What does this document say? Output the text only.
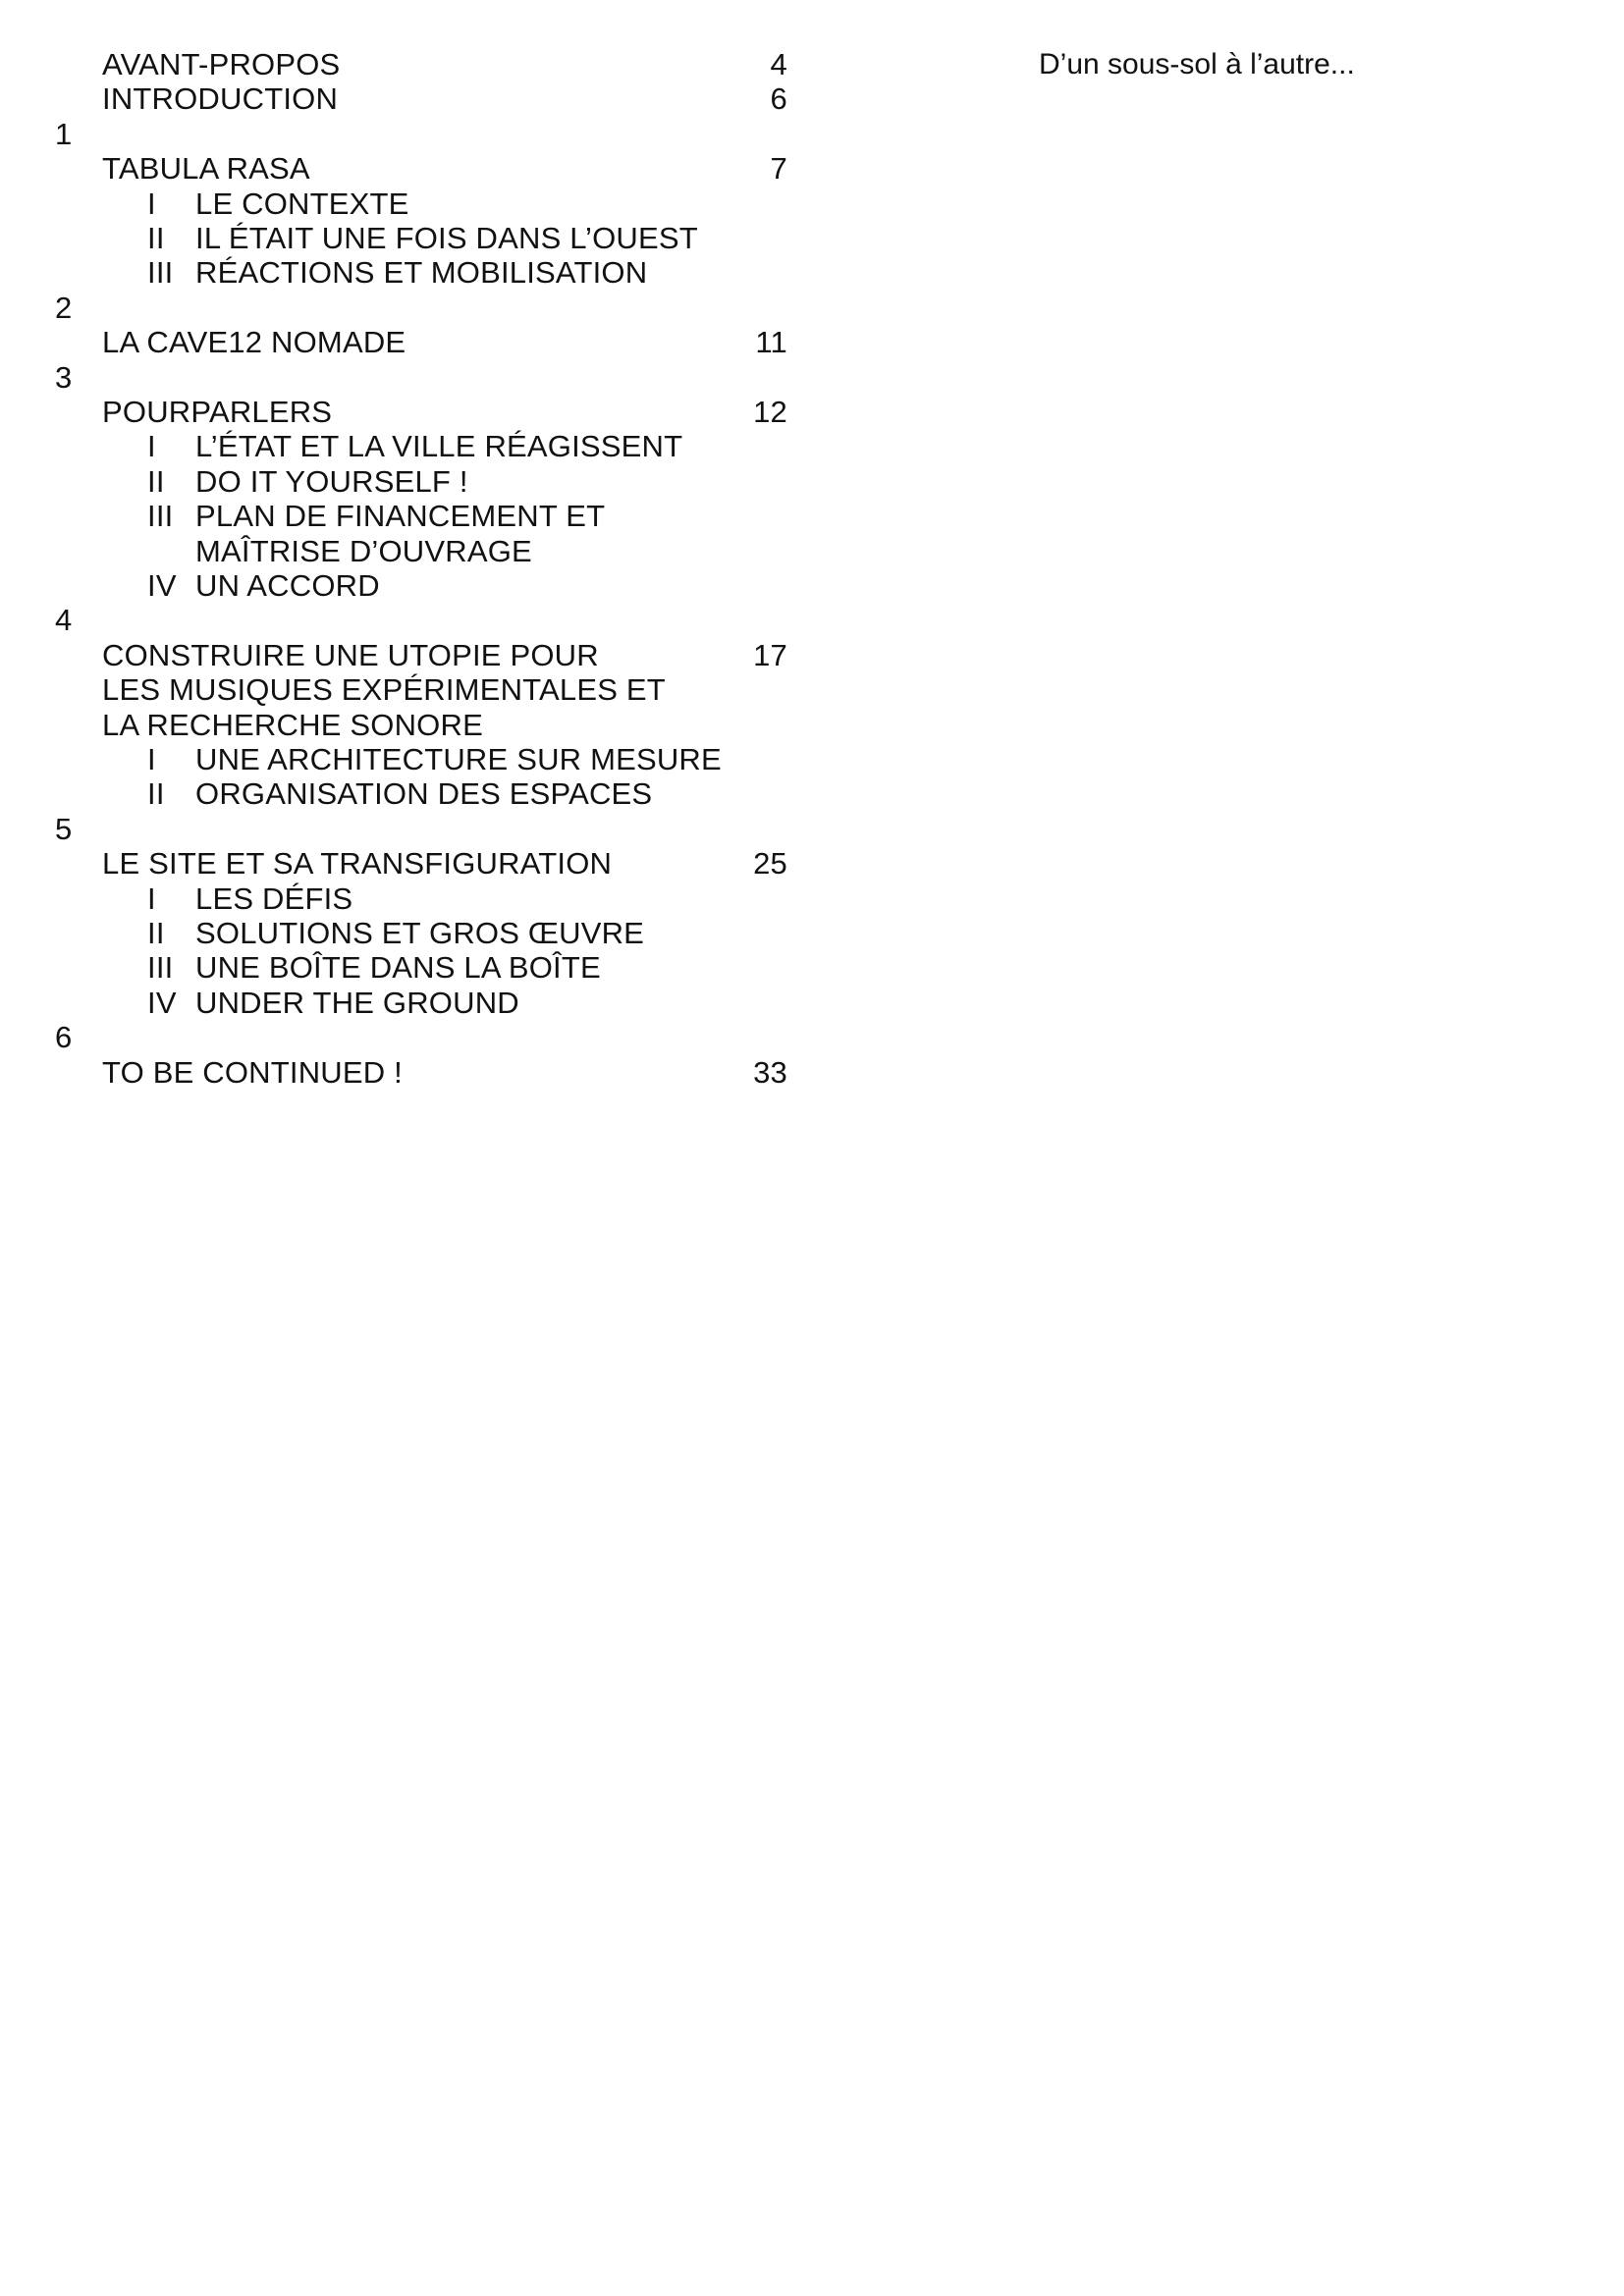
D’un sous-sol à l’autre...
AVANT-PROPOS	4
INTRODUCTION	6
1
TABULA RASA	7
I LE CONTEXTE
II IL ÉTAIT UNE FOIS DANS L’OUEST
III RÉACTIONS ET MOBILISATION
2
LA CAVE12 NOMADE	11
3
POURPARLERS	12
I L’ÉTAT ET LA VILLE RÉAGISSENT
II DO IT YOURSELF !
III PLAN DE FINANCEMENT ET
MAÎTRISE D’OUVRAGE
IV UN ACCORD
4
CONSTRUIRE UNE UTOPIE POUR	17
LES MUSIQUES EXPÉRIMENTALES ET
LA RECHERCHE SONORE
I UNE ARCHITECTURE SUR MESURE
II ORGANISATION DES ESPACES
5
LE SITE ET SA TRANSFIGURATION	25
I LES DÉFIS
II SOLUTIONS ET GROS ŒUVRE
III UNE BOÎTE DANS LA BOÎTE
IV UNDER THE GROUND
6
TO BE CONTINUED !	33
